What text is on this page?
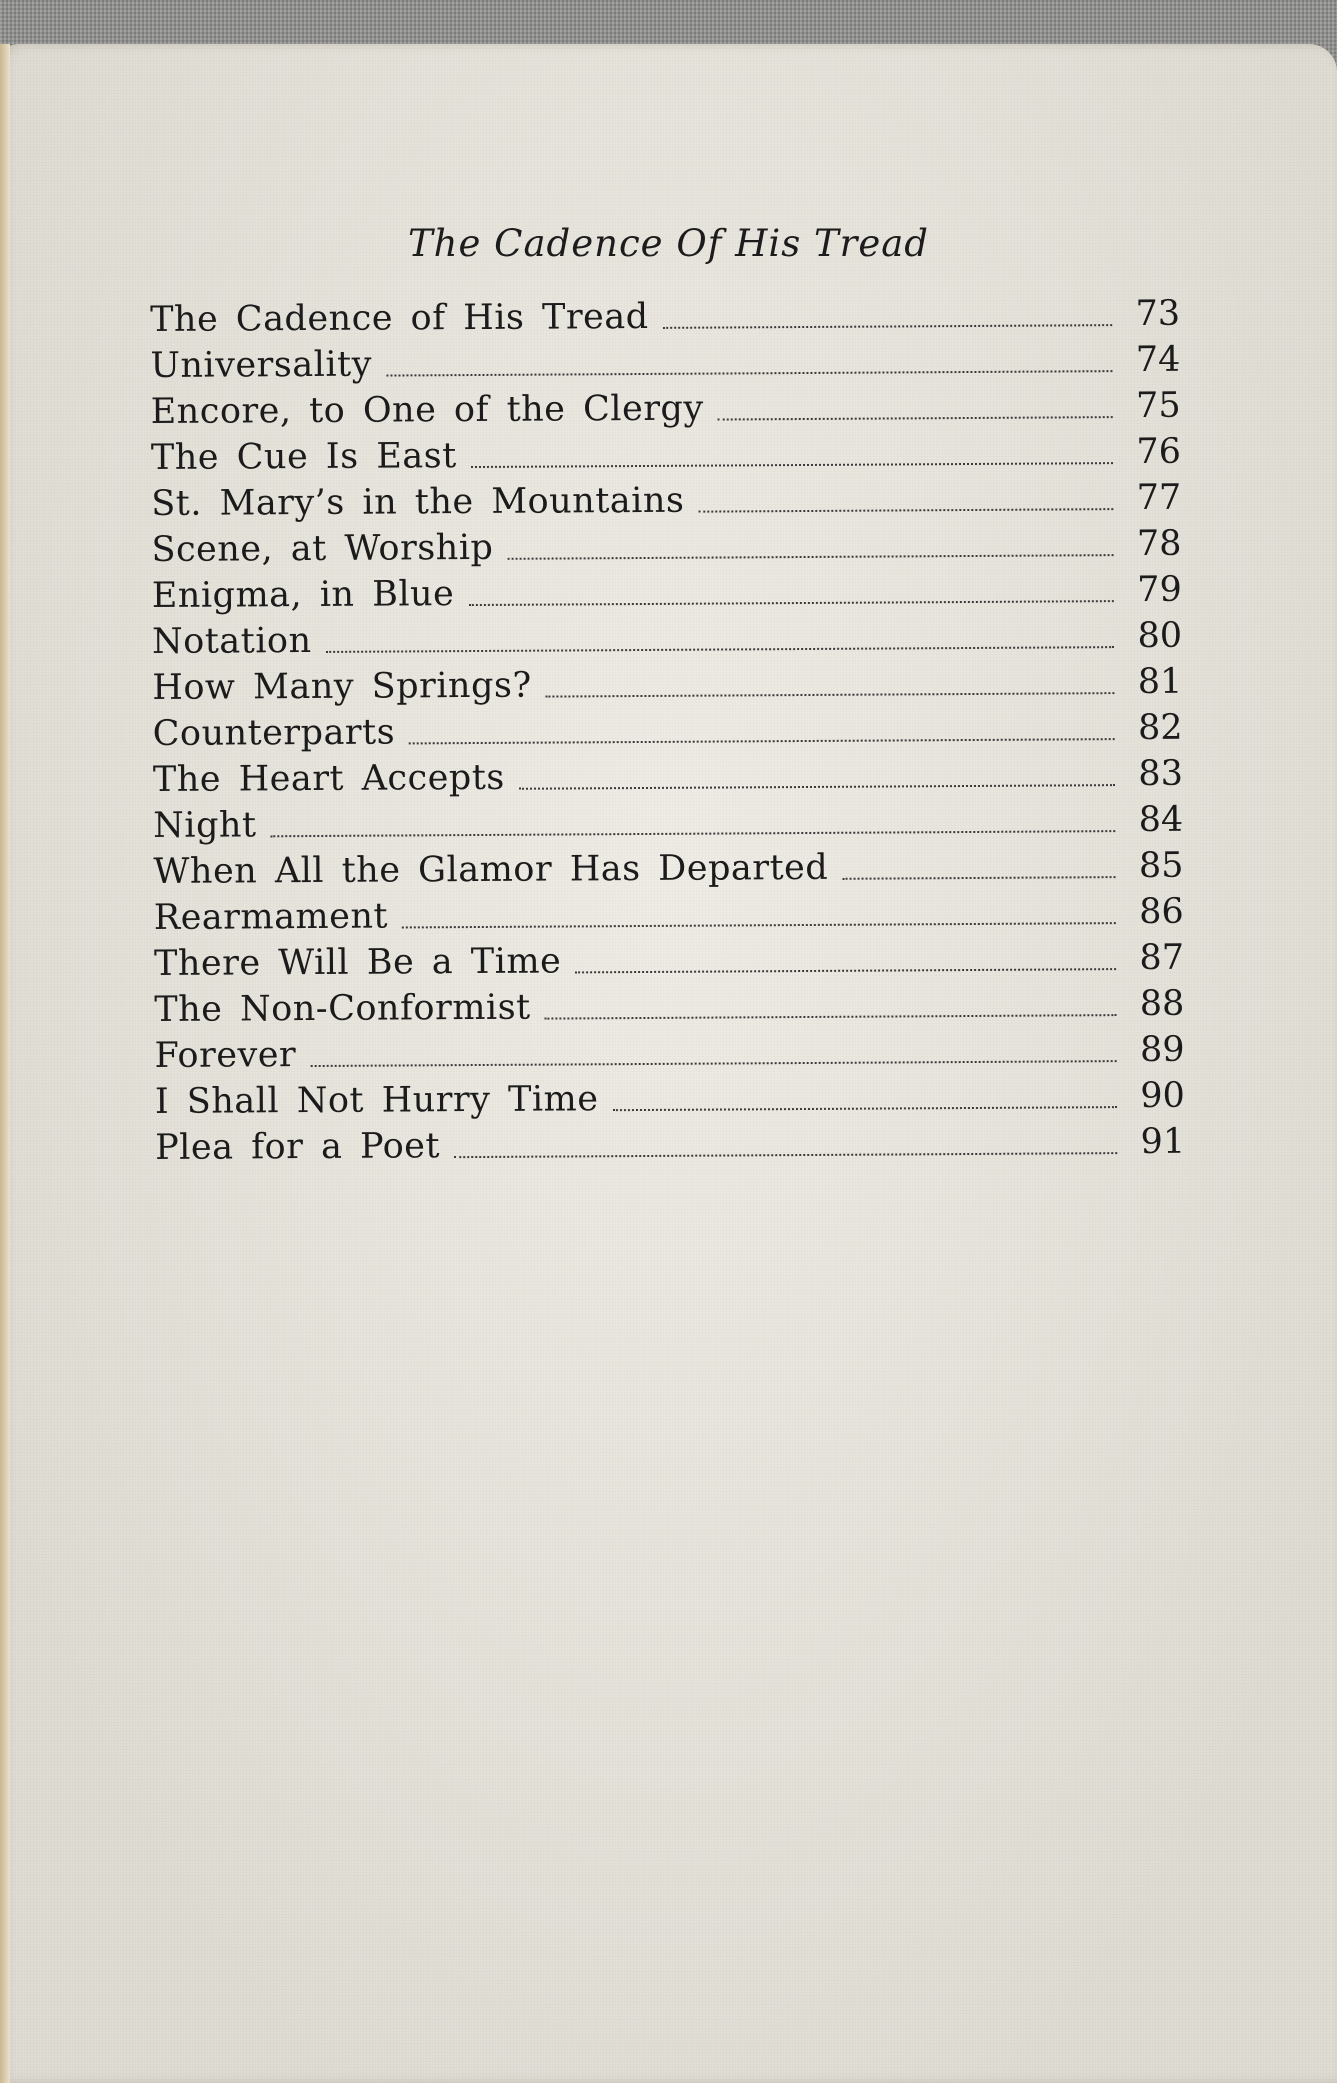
The Cadence Of His Tread
The Cadence of His Tread	73
Universality	74
Encore, to One of the Clergy	75
The Cue Is East	76
St. Mary’s in the Mountains	77
Scene, at Worship	78
Enigma, in Blue	79
Notation	80
How Many Springs?	81
Counterparts	82
The Heart Accepts	83
Night	84
When All the Glamor Has Departed	85
Rearmament	86
There Will Be a Time	87
The Non-Conformist	88
Forever	89
I Shall Not Hurry Time	90
Plea for a Poet	91
